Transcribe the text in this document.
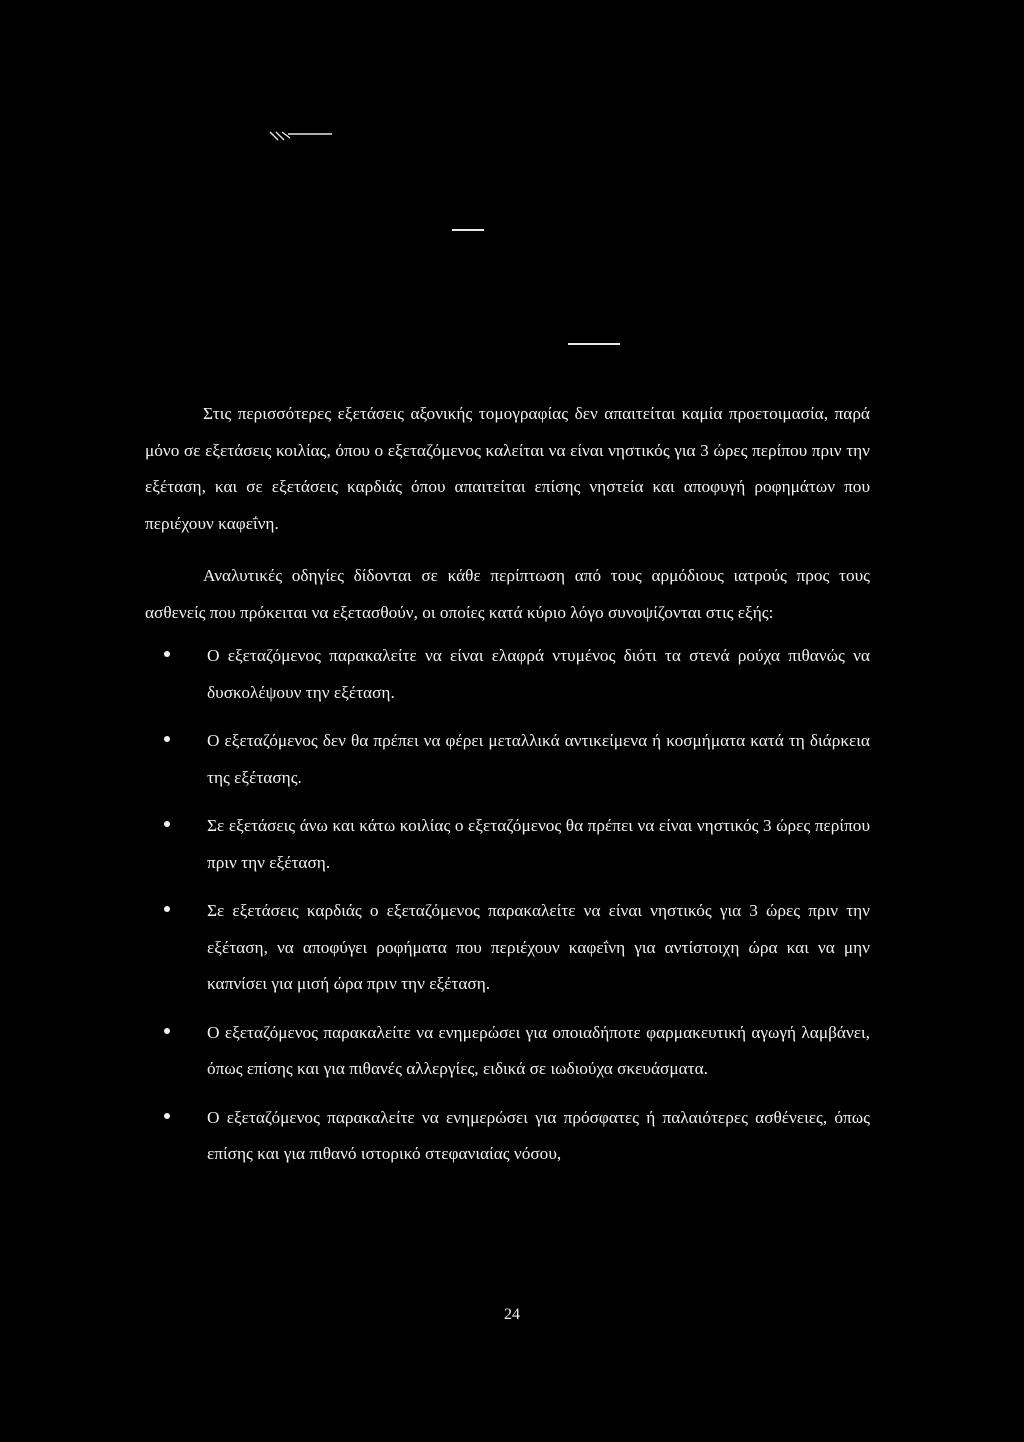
Στις περισσότερες εξετάσεις αξονικής τομογραφίας δεν απαιτείται καμία προετοιμασία, παρά μόνο σε εξετάσεις κοιλίας, όπου ο εξεταζόμενος καλείται να είναι νηστικός για 3 ώρες περίπου πριν την εξέταση, και σε εξετάσεις καρδιάς όπου απαιτείται επίσης νηστεία και αποφυγή ροφημάτων που περιέχουν καφεΐνη.

Αναλυτικές οδηγίες δίδονται σε κάθε περίπτωση από τους αρμόδιους ιατρούς προς τους ασθενείς που πρόκειται να εξετασθούν, οι οποίες κατά κύριο λόγο συνοψίζονται στις εξής:

Ο εξεταζόμενος παρακαλείτε να είναι ελαφρά ντυμένος διότι τα στενά ρούχα πιθανώς να δυσκολέψουν την εξέταση.
Ο εξεταζόμενος δεν θα πρέπει να φέρει μεταλλικά αντικείμενα ή κοσμήματα κατά τη διάρκεια της εξέτασης.
Σε εξετάσεις άνω και κάτω κοιλίας ο εξεταζόμενος θα πρέπει να είναι νηστικός 3 ώρες περίπου πριν την εξέταση.
Σε εξετάσεις καρδιάς ο εξεταζόμενος παρακαλείτε να είναι νηστικός για 3 ώρες πριν την εξέταση, να αποφύγει ροφήματα που περιέχουν καφεΐνη για αντίστοιχη ώρα και να μην καπνίσει για μισή ώρα πριν την εξέταση.
Ο εξεταζόμενος παρακαλείτε να ενημερώσει για οποιαδήποτε φαρμακευτική αγωγή λαμβάνει, όπως επίσης και για πιθανές αλλεργίες, ειδικά σε ιωδιούχα σκευάσματα.
Ο εξεταζόμενος παρακαλείτε να ενημερώσει για πρόσφατες ή παλαιότερες ασθένειες, όπως επίσης και για πιθανό ιστορικό στεφανιαίας νόσου,
24
